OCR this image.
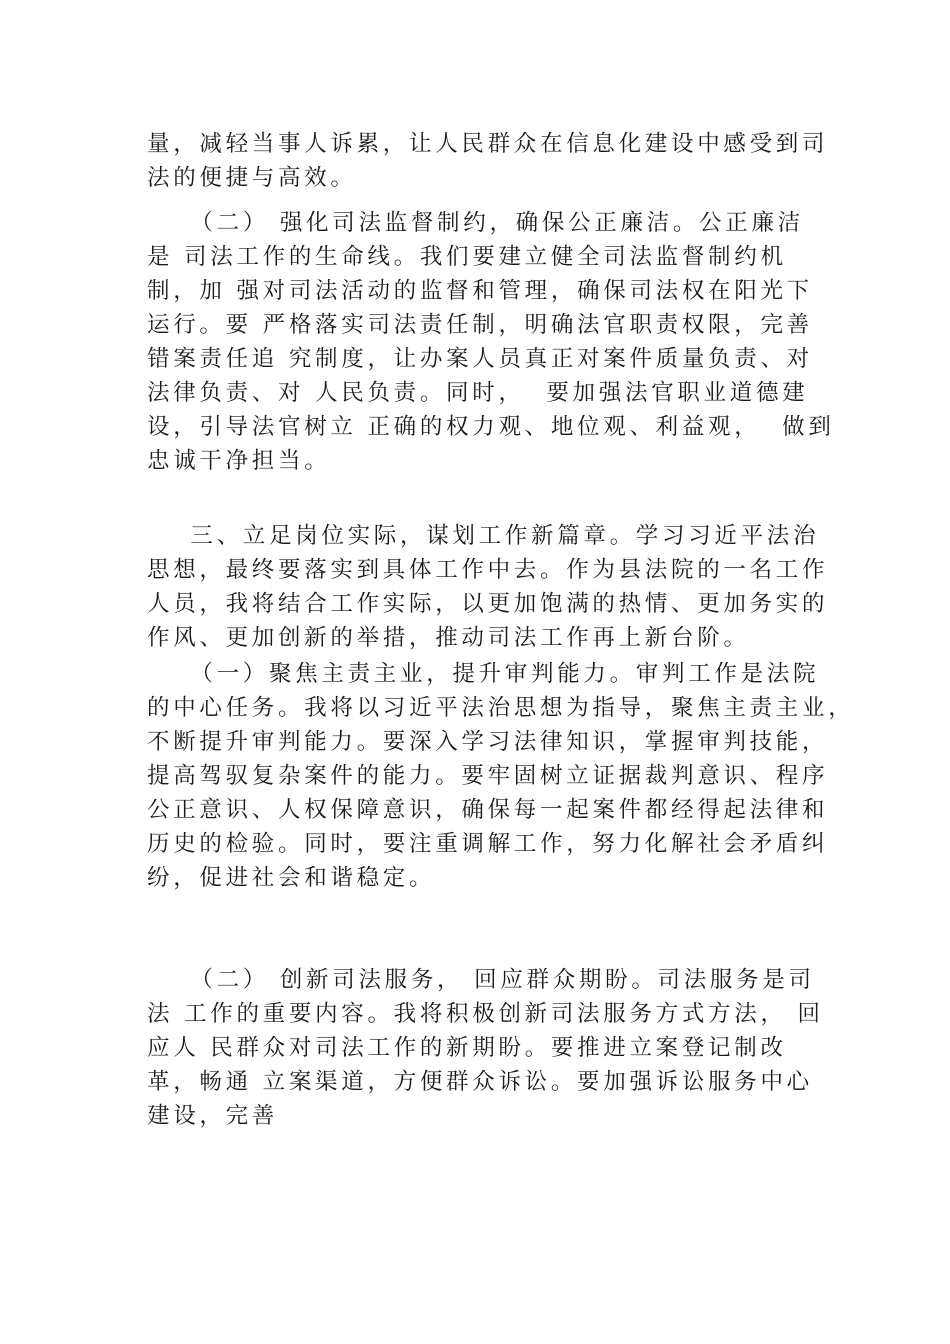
量，减轻当事人诉累，让人民群众在信息化建设中感受到司
法的便捷与高效。
（二） 强化司法监督制约，确保公正廉洁。公正廉洁
是 司法工作的生命线。我们要建立健全司法监督制约机
制，加 强对司法活动的监督和管理，确保司法权在阳光下
运行。要 严格落实司法责任制，明确法官职责权限，完善
错案责任追 究制度，让办案人员真正对案件质量负责、对
法律负责、对 人民负责。同时，  要加强法官职业道德建
设，引导法官树立 正确的权力观、地位观、利益观，  做到
忠诚干净担当。
三、立足岗位实际，谋划工作新篇章。学习习近平法治
思想，最终要落实到具体工作中去。作为县法院的一名工作
人员，我将结合工作实际，以更加饱满的热情、更加务实的
作风、更加创新的举措，推动司法工作再上新台阶。
（一）聚焦主责主业，提升审判能力。审判工作是法院
的中心任务。我将以习近平法治思想为指导，聚焦主责主业，
不断提升审判能力。要深入学习法律知识，掌握审判技能，
提高驾驭复杂案件的能力。要牢固树立证据裁判意识、程序
公正意识、人权保障意识，确保每一起案件都经得起法律和
历史的检验。同时，要注重调解工作，努力化解社会矛盾纠
纷，促进社会和谐稳定。
（二） 创新司法服务， 回应群众期盼。司法服务是司
法 工作的重要内容。我将积极创新司法服务方式方法， 回
应人 民群众对司法工作的新期盼。要推进立案登记制改
革，畅通 立案渠道，方便群众诉讼。要加强诉讼服务中心
建设，完善
